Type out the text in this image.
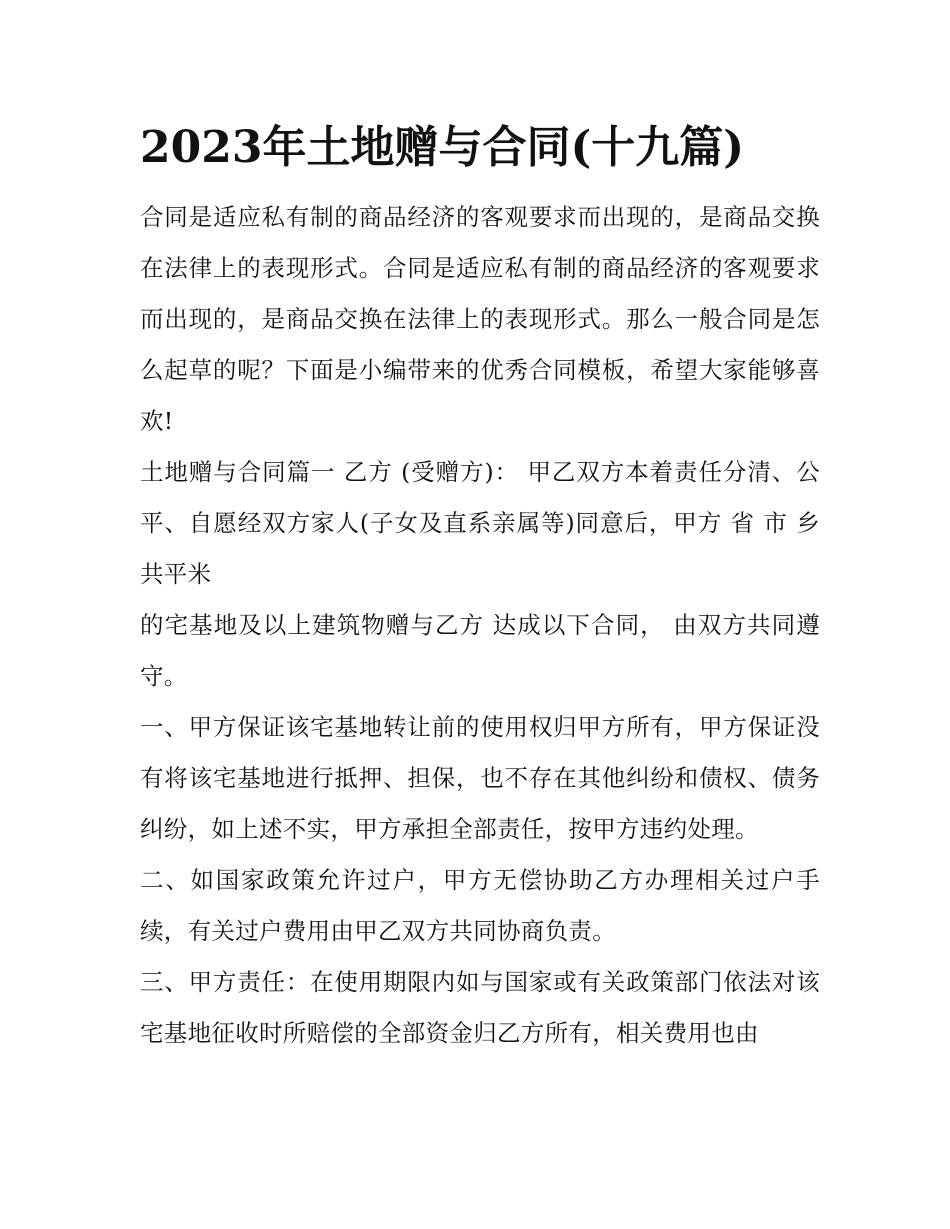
2023年土地赠与合同(十九篇)

合同是适应私有制的商品经济的客观要求而出现的，是商品交换在法律上的表现形式。合同是适应私有制的商品经济的客观要求而出现的，是商品交换在法律上的表现形式。那么一般合同是怎么起草的呢？下面是小编带来的优秀合同模板，希望大家能够喜欢!

土地赠与合同篇一 乙方 (受赠方)： 甲乙双方本着责任分清、公平、自愿经双方家人(子女及直系亲属等)同意后，甲方 省 市 乡 共平米

的宅基地及以上建筑物赠与乙方 达成以下合同， 由双方共同遵守。

一、甲方保证该宅基地转让前的使用权归甲方所有，甲方保证没有将该宅基地进行抵押、担保，也不存在其他纠纷和债权、债务纠纷，如上述不实，甲方承担全部责任，按甲方违约处理。

二、如国家政策允许过户，甲方无偿协助乙方办理相关过户手续，有关过户费用由甲乙双方共同协商负责。

三、甲方责任：在使用期限内如与国家或有关政策部门依法对该宅基地征收时所赔偿的全部资金归乙方所有，相关费用也由
